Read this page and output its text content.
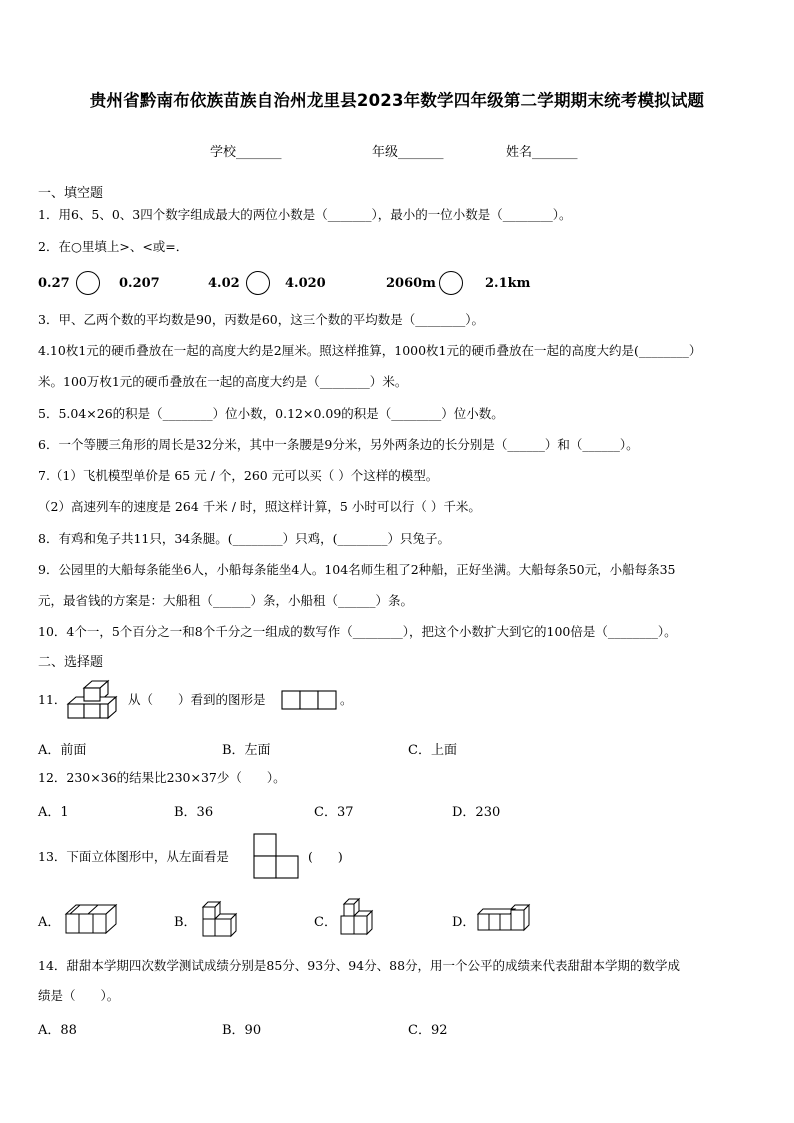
贵州省黔南布依族苗族自治州龙里县2023年数学四年级第二学期期末统考模拟试题
学校_______	年级_______	姓名_______
一、填空题
1．用6、5、0、3四个数字组成最大的两位小数是（_______），最小的一位小数是（________）。
2．在○里填上>、<或=．
0.27	0.207	4.02	4.020	2060m	2.1km
3．甲、乙两个数的平均数是90，丙数是60，这三个数的平均数是（________）。
4.10枚1元的硬币叠放在一起的高度大约是2厘米。照这样推算，1000枚1元的硬币叠放在一起的高度大约是(________）
米。100万枚1元的硬币叠放在一起的高度大约是（________）米。
5．5.04×26的积是（________）位小数，0.12×0.09的积是（________）位小数。
6．一个等腰三角形的周长是32分米，其中一条腰是9分米，另外两条边的长分别是（______）和（______）。
7.（1）飞机模型单价是 65 元 / 个，260 元可以买（ ）个这样的模型。
（2）高速列车的速度是 264 千米 / 时，照这样计算，5 小时可以行（ ）千米。
8．有鸡和兔子共11只，34条腿。(________）只鸡，(________）只兔子。
9．公园里的大船每条能坐6人，小船每条能坐4人。104名师生租了2种船，正好坐满。大船每条50元，小船每条35
元，最省钱的方案是：大船租（______）条，小船租（______）条。
10．4个一，5个百分之一和8个千分之一组成的数写作（________），把这个小数扩大到它的100倍是（________）。
二、选择题
11．	从（　　）看到的图形是	。
A．前面	B．左面	C．上面
12．230×36的结果比230×37少（　　）。
A．1	B．36	C．37	D．230
13．下面立体图形中，从左面看是	(　　)
A．	B．	C．	D．
14．甜甜本学期四次数学测试成绩分别是85分、93分、94分、88分，用一个公平的成绩来代表甜甜本学期的数学成
绩是（　　）。
A．88	B．90	C．92
